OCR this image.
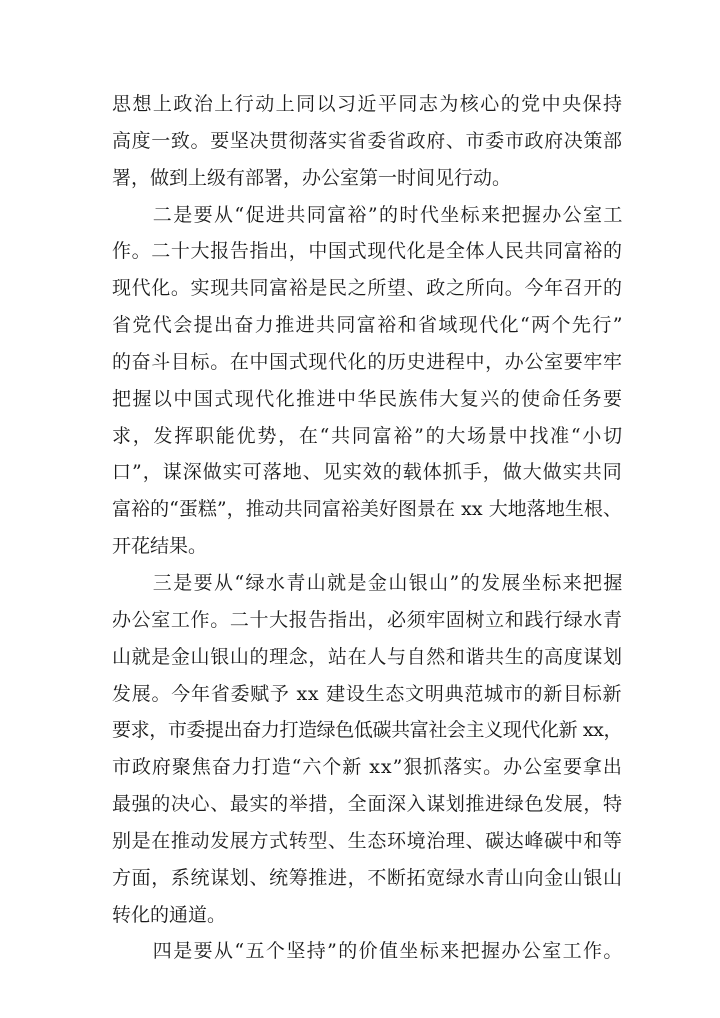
思想上政治上行动上同以习近平同志为核心的党中央保持
高度一致。要坚决贯彻落实省委省政府、市委市政府决策部
署，做到上级有部署，办公室第一时间见行动。
　　二是要从“促进共同富裕”的时代坐标来把握办公室工
作。二十大报告指出，中国式现代化是全体人民共同富裕的
现代化。实现共同富裕是民之所望、政之所向。今年召开的
省党代会提出奋力推进共同富裕和省域现代化“两个先行”
的奋斗目标。在中国式现代化的历史进程中，办公室要牢牢
把握以中国式现代化推进中华民族伟大复兴的使命任务要
求，发挥职能优势，在“共同富裕”的大场景中找准“小切
口”，谋深做实可落地、见实效的载体抓手，做大做实共同
富裕的“蛋糕”，推动共同富裕美好图景在 xx 大地落地生根、
开花结果。
　　三是要从“绿水青山就是金山银山”的发展坐标来把握
办公室工作。二十大报告指出，必须牢固树立和践行绿水青
山就是金山银山的理念，站在人与自然和谐共生的高度谋划
发展。今年省委赋予 xx 建设生态文明典范城市的新目标新
要求，市委提出奋力打造绿色低碳共富社会主义现代化新 xx，
市政府聚焦奋力打造“六个新 xx”狠抓落实。办公室要拿出
最强的决心、最实的举措，全面深入谋划推进绿色发展，特
别是在推动发展方式转型、生态环境治理、碳达峰碳中和等
方面，系统谋划、统筹推进，不断拓宽绿水青山向金山银山
转化的通道。
　　四是要从“五个坚持”的价值坐标来把握办公室工作。
